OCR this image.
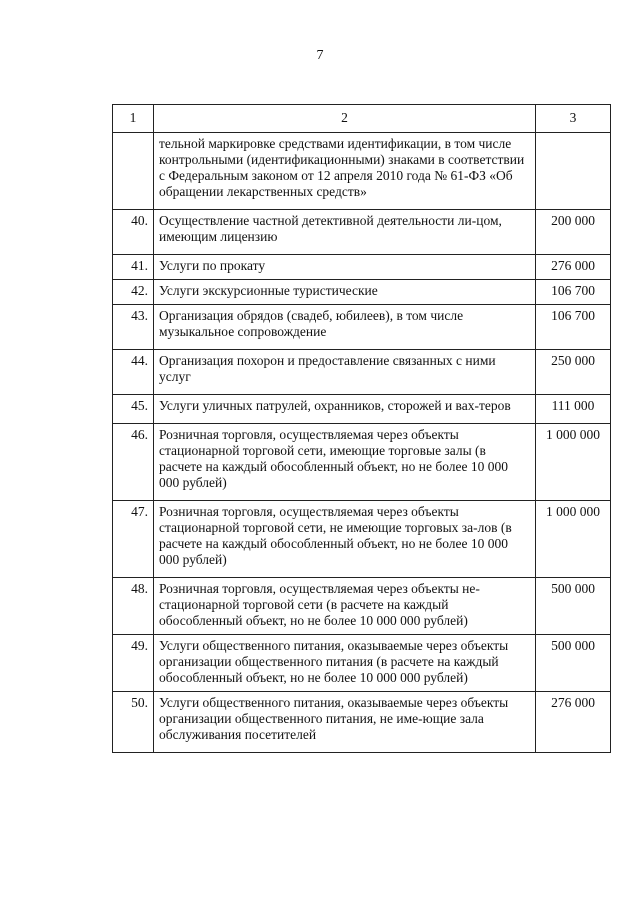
7
1	2	3
	тельной маркировке средствами идентификации, в том числе контрольными (идентификационными) знаками в соответствии с Федеральным законом от 12 апреля 2010 года № 61-ФЗ «Об обращении лекарственных средств»	
40.	Осуществление частной детективной деятельности ли-цом, имеющим лицензию	200 000
41.	Услуги по прокату	276 000
42.	Услуги экскурсионные туристические	106 700
43.	Организация обрядов (свадеб, юбилеев), в том числе музыкальное сопровождение	106 700
44.	Организация похорон и предоставление связанных с ними услуг	250 000
45.	Услуги уличных патрулей, охранников, сторожей и вах-теров	111 000
46.	Розничная торговля, осуществляемая через объекты стационарной торговой сети, имеющие торговые залы (в расчете на каждый обособленный объект, но не более 10 000 000 рублей)	1 000 000
47.	Розничная торговля, осуществляемая через объекты стационарной торговой сети, не имеющие торговых за-лов (в расчете на каждый обособленный объект, но не более 10 000 000 рублей)	1 000 000
48.	Розничная торговля, осуществляемая через объекты не-стационарной торговой сети (в расчете на каждый обособленный объект, но не более 10 000 000 рублей)	500 000
49.	Услуги общественного питания, оказываемые через объекты организации общественного питания (в расчете на каждый обособленный объект, но не более 10 000 000 рублей)	500 000
50.	Услуги общественного питания, оказываемые через объекты организации общественного питания, не име-ющие зала обслуживания посетителей	276 000
